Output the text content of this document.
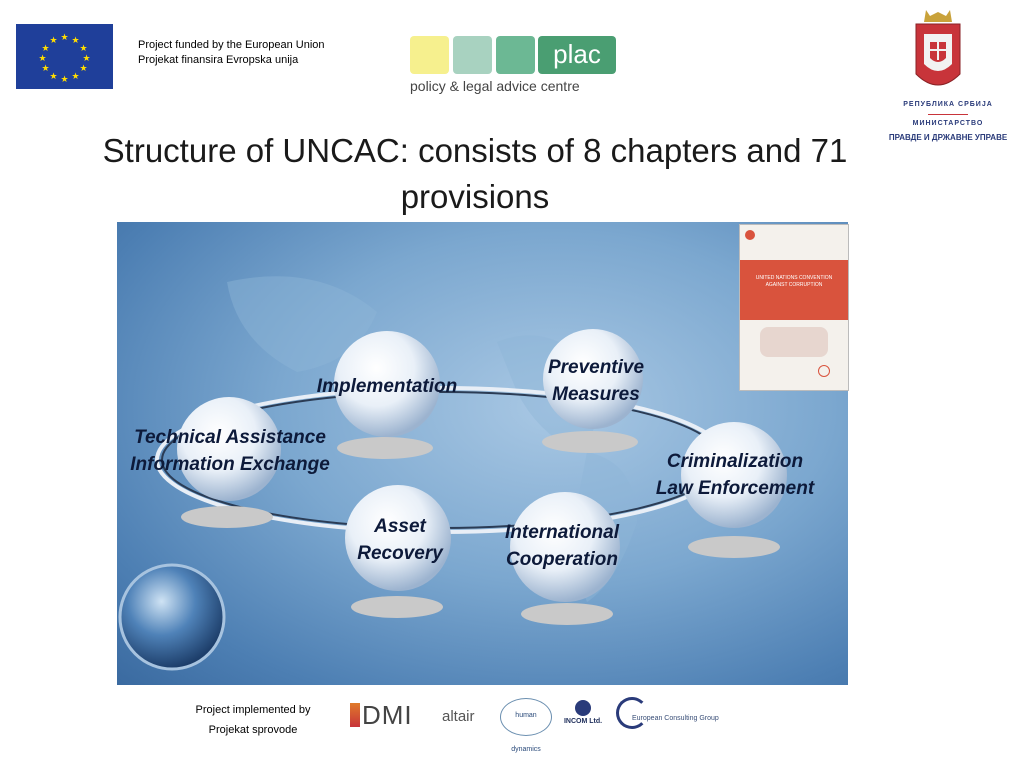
★ ★
★
★
★
★
★
★
★
★
★
★	Project funded by the European Union
Projekat finansira Evropska unija	plac
policy & legal advice centre
РЕПУБЛИКА СРБИЈА
МИНИСТАРСТВО
ПРАВДЕ И ДРЖАВНЕ УПРАВЕ
Structure of UNCAC: consists of 8 chapters and 71
provisions
Implementation
Preventive
Measures
Technical Assistance
Information Exchange	Criminalization
Law Enforcement
Asset
Recovery
International
Cooperation
UNITED NATIONS CONVENTION AGAINST CORRUPTION
Project implemented by
Projekat sprovode	DMI altair	human dynamics
INCOM Ltd.	European Consulting Group
